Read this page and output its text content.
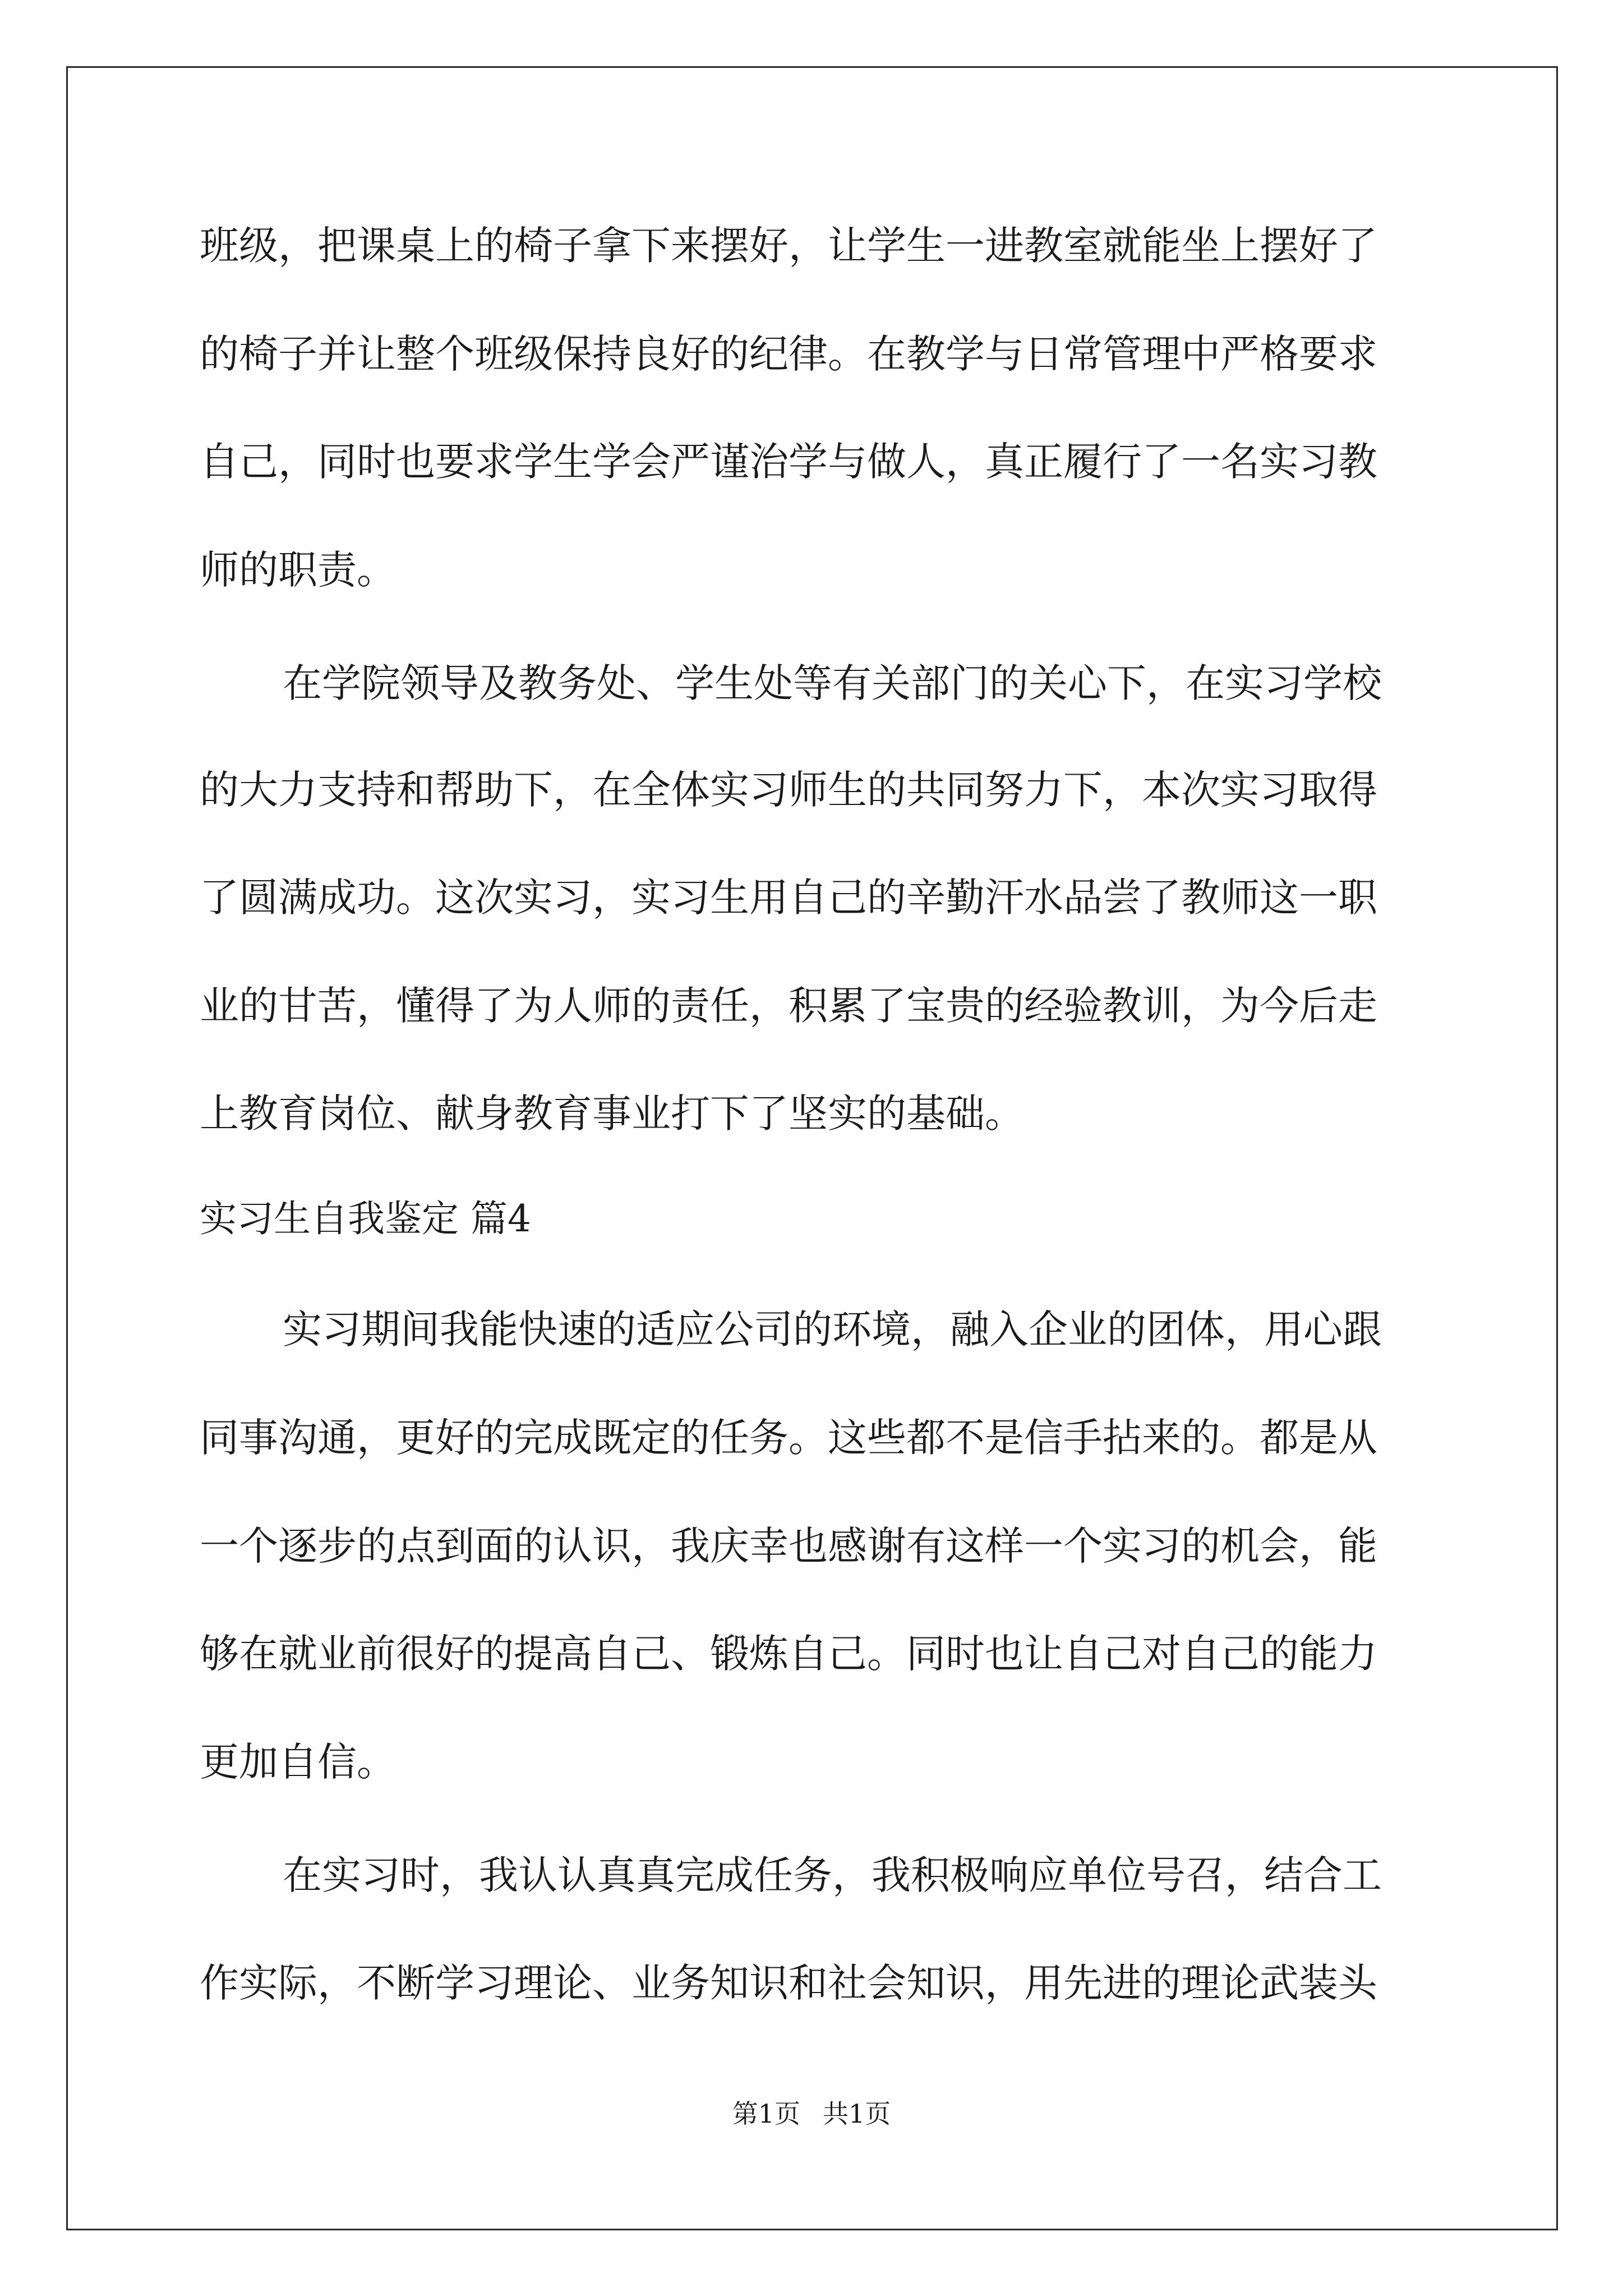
班级，把课桌上的椅子拿下来摆好，让学生一进教室就能坐上摆好了
的椅子并让整个班级保持良好的纪律。在教学与日常管理中严格要求
自己，同时也要求学生学会严谨治学与做人，真正履行了一名实习教
师的职责。
在学院领导及教务处、学生处等有关部门的关心下，在实习学校
的大力支持和帮助下，在全体实习师生的共同努力下，本次实习取得
了圆满成功。这次实习，实习生用自己的辛勤汗水品尝了教师这一职
业的甘苦，懂得了为人师的责任，积累了宝贵的经验教训，为今后走
上教育岗位、献身教育事业打下了坚实的基础。
实习生自我鉴定 篇4
实习期间我能快速的适应公司的环境，融入企业的团体，用心跟
同事沟通，更好的完成既定的任务。这些都不是信手拈来的。都是从
一个逐步的点到面的认识，我庆幸也感谢有这样一个实习的机会，能
够在就业前很好的提高自己、锻炼自己。同时也让自己对自己的能力
更加自信。
在实习时，我认认真真完成任务，我积极响应单位号召，结合工
作实际，不断学习理论、业务知识和社会知识，用先进的理论武装头
第1页 共1页
